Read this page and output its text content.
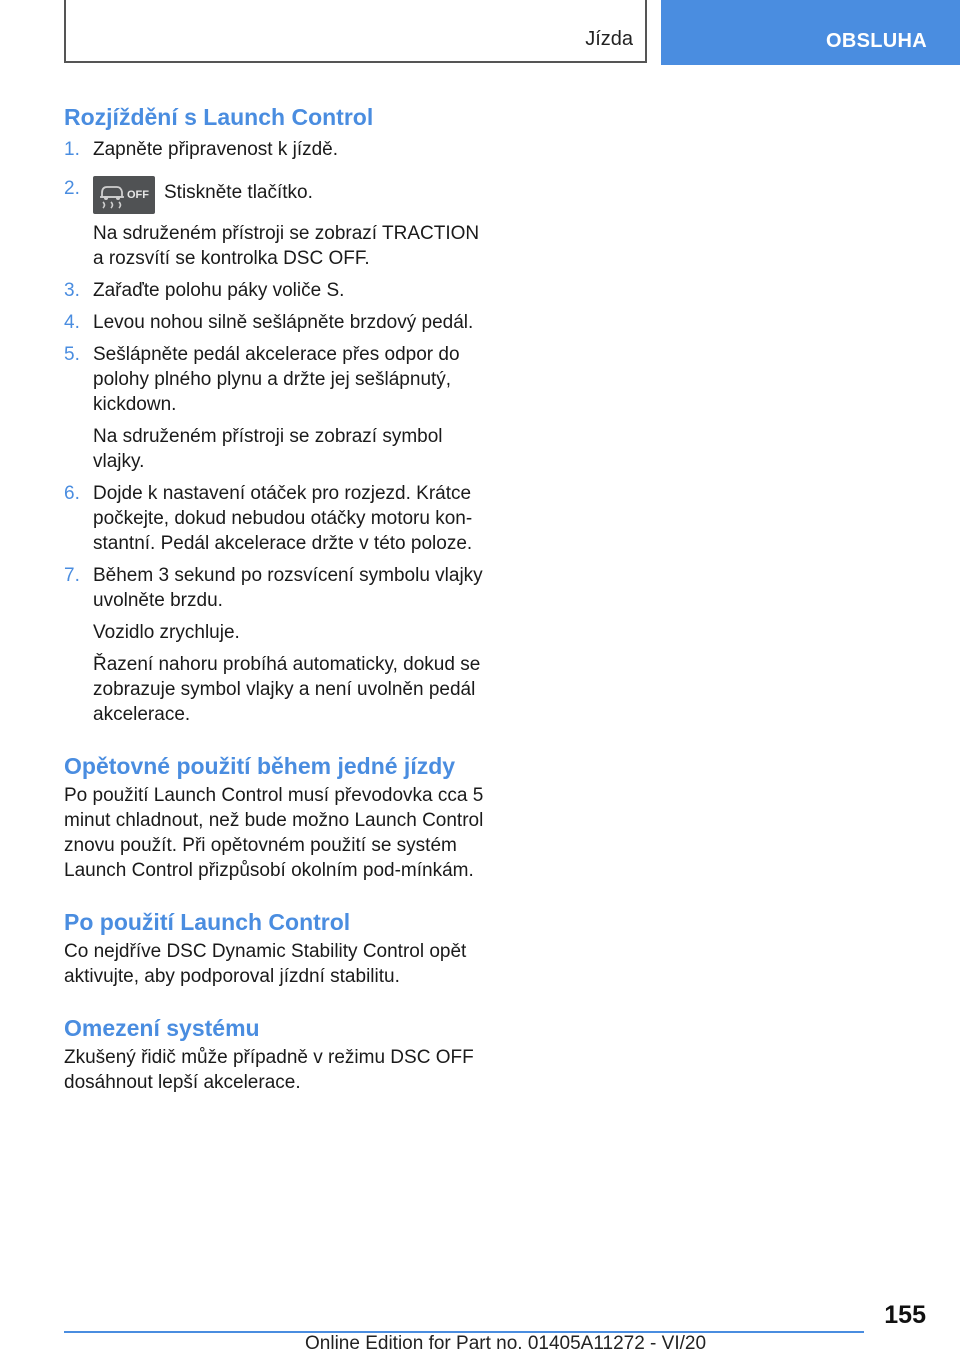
Jízda	OBSLUHA
Rozjíždění s Launch Control
1. Zapněte připravenost k jízdě.

2.	OFF Stiskněte tlačítko.

Na sdruženém přístroji se zobrazí TRACTION a rozsvítí se kontrolka DSC OFF.

3. Zařaďte polohu páky voliče S.

4. Levou nohou silně sešlápněte brzdový pedál.

5. Sešlápněte pedál akcelerace přes odpor do polohy plného plynu a držte jej sešlápnutý, kickdown.

Na sdruženém přístroji se zobrazí symbol vlajky.

6. Dojde k nastavení otáček pro rozjezd. Krátce počkejte, dokud nebudou otáčky motoru kon-stantní. Pedál akcelerace držte v této poloze.

7. Během 3 sekund po rozsvícení symbolu vlajky uvolněte brzdu.

Vozidlo zrychluje.

Řazení nahoru probíhá automaticky, dokud se zobrazuje symbol vlajky a není uvolněn pedál akcelerace.

Opětovné použití během jedné jízdy

Po použití Launch Control musí převodovka cca 5 minut chladnout, než bude možno Launch Control znovu použít. Při opětovném použití se systém Launch Control přizpůsobí okolním pod-mínkám.

Po použití Launch Control

Co nejdříve DSC Dynamic Stability Control opět aktivujte, aby podporoval jízdní stabilitu.

Omezení systému

Zkušený řidič může případně v režimu DSC OFF dosáhnout lepší akcelerace.

155
Online Edition for Part no. 01405A11272 - VI/20
